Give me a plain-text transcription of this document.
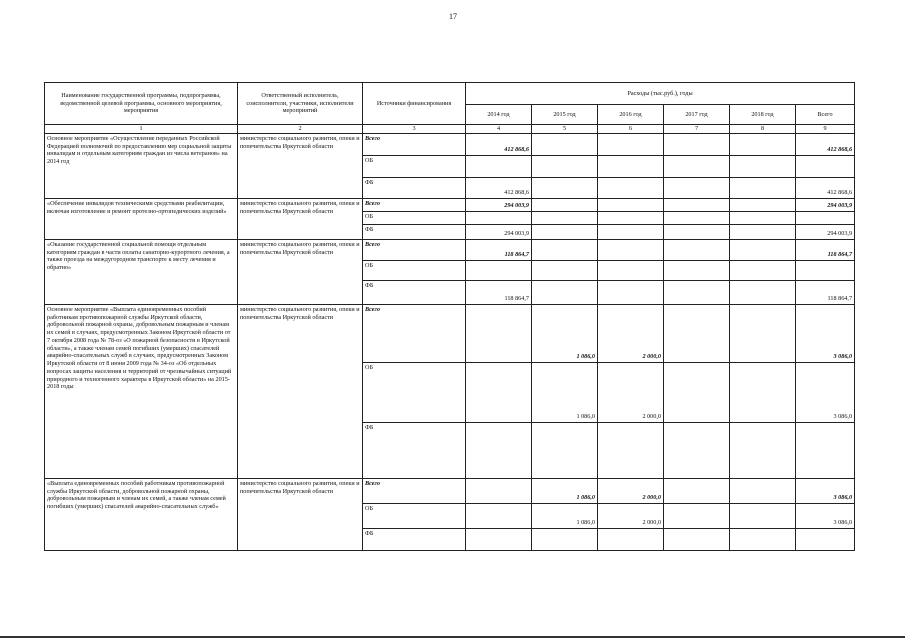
17
Наименование государственной программы, подпрограммы, ведомственной целевой программы, основного мероприятия, мероприятия	Ответственный исполнитель, соисполнители, участники, исполнители мероприятий	Источники финансирования	Расходы (тыс.руб.), годы					
			2014 год	2015 год	2016 год	2017 год	2018 год	Всего
1	2	3	4	5	6	7	8	9
Основное мероприятие «Осуществление переданных Российской Федерацией полномочий по предоставлению мер социальной защиты инвалидам и отдельным категориям граждан из числа ветеранов» на 2014 год	министерство социального развития, опеки и попечительства Иркутской области	Всего	412 868,6					412 868,6
		ОБ						
		ФБ	412 868,6					412 868,6
«Обеспечение инвалидов техническими средствами реабилитации, включая изготовление и ремонт протезно-ортопедических изделий»	министерство социального развития, опеки и попечительства Иркутской области	Всего	294 003,9					294 003,9
		ОБ						
		ФБ	294 003,9					294 003,9
«Оказание государственной социальной помощи отдельным категориям граждан в части оплаты санаторно-курортного лечения, а также проезда на междугородном транспорте к месту лечения и обратно»	министерство социального развития, опеки и попечительства Иркутской области	Всего	118 864,7					118 864,7
		ОБ						
		ФБ	118 864,7					118 864,7
Основное мероприятие «Выплата единовременных пособий работникам противопожарной службы Иркутской области, добровольной пожарной охраны, добровольным пожарным и членам их семей в случаях, предусмотренных Законом Иркутской области от 7 октября 2008 года № 78-оз «О пожарной безопасности в Иркутской области», а также членам семей погибших (умерших) спасателей аварийно-спасательных служб в случаях, предусмотренных Законом Иркутской области от 8 июня 2009 года № 34-оз «Об отдельных вопросах защиты населения и территорий от чрезвычайных ситуаций природного и техногенного характера в Иркутской области» на 2015-2018 годы	министерство социального развития, опеки и попечительства Иркутской области	Всего		1 086,0	2 000,0			3 086,0
		ОБ		1 086,0	2 000,0			3 086,0
		ФБ						
«Выплата единовременных пособий работникам противопожарной службы Иркутской области, добровольной пожарной охраны, добровольным пожарным и членам их семей, а также членам семей погибших (умерших) спасателей аварийно-спасательных служб»	министерство социального развития, опеки и попечительства Иркутской области	Всего		1 086,0	2 000,0			3 086,0
		ОБ		1 086,0	2 000,0			3 086,0
		ФБ						
